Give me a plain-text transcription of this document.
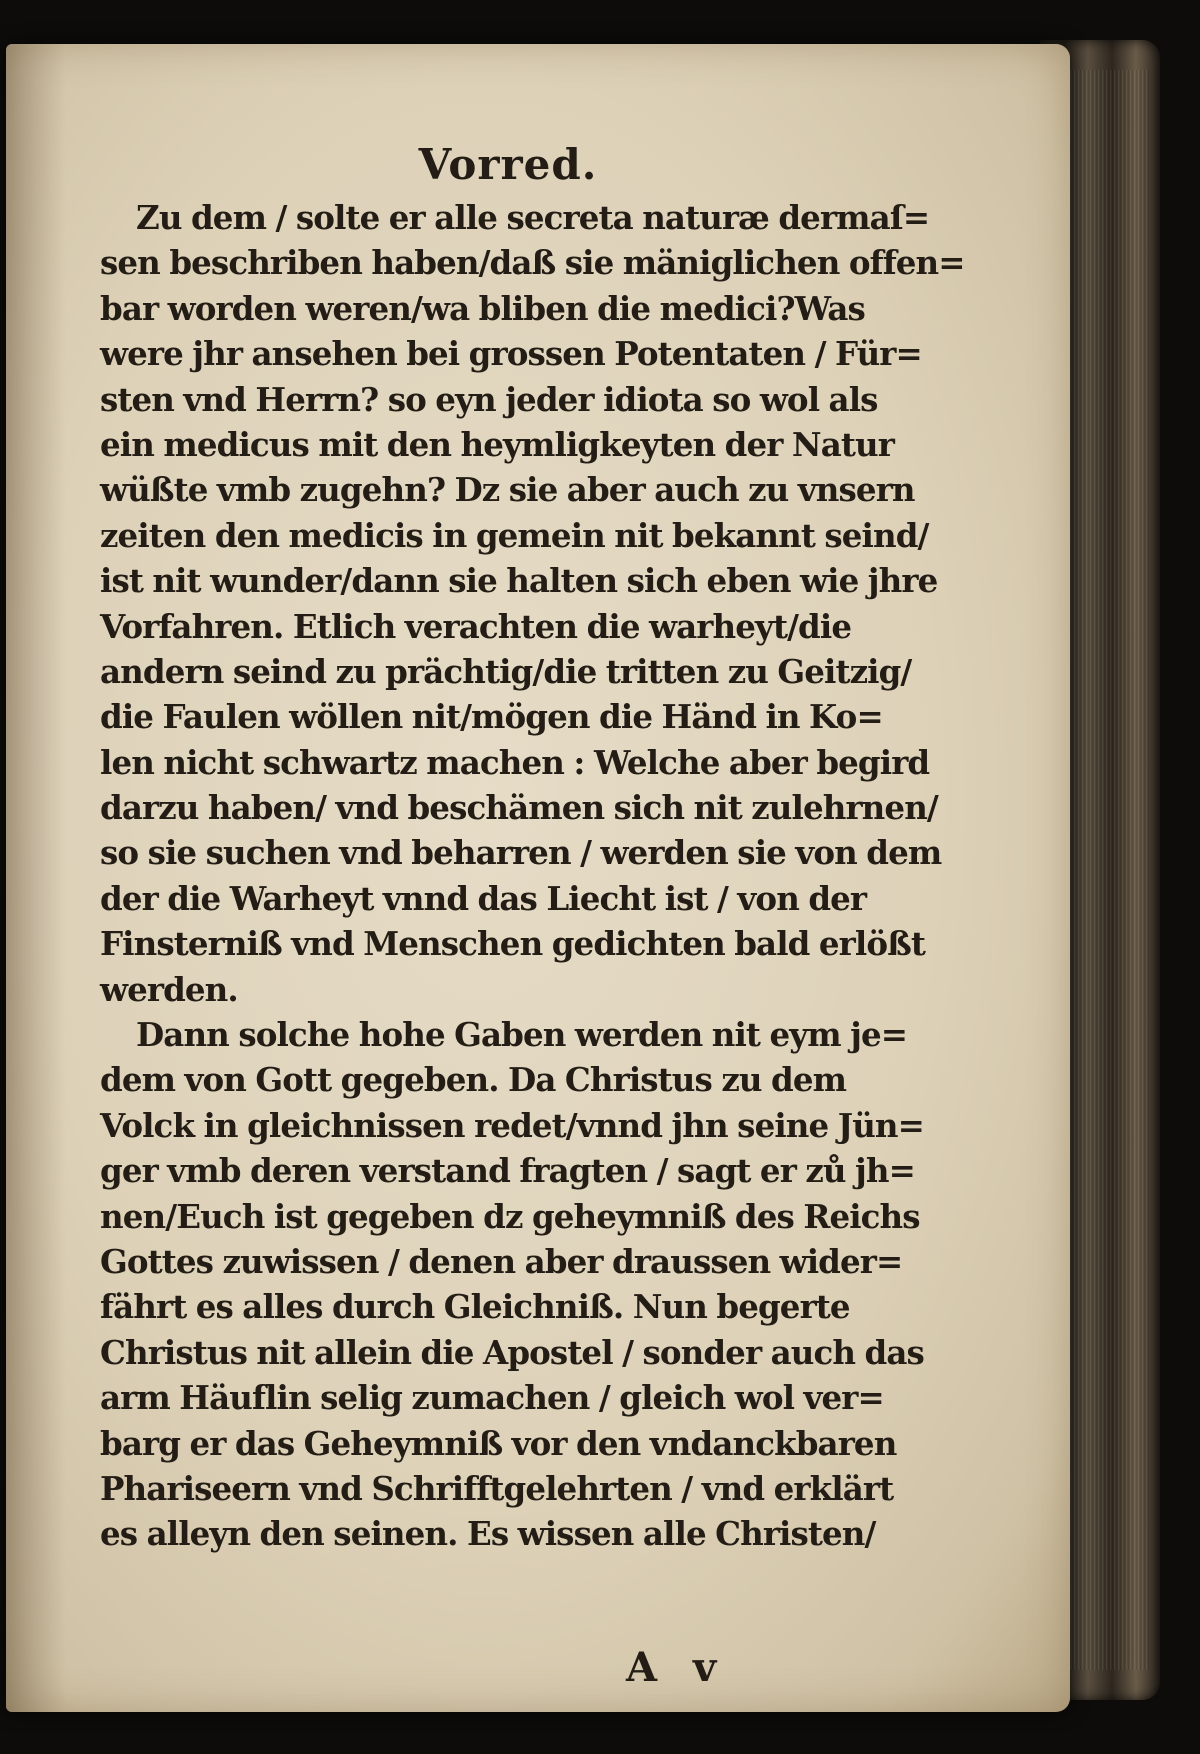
Vorred.
Zu dem / solte er alle secreta naturæ dermaſ=
sen beschriben haben/daß sie mäniglichen offen=
bar worden weren/wa bliben die medici?Was
were jhr ansehen bei grossen Potentaten / Für=
sten vnd Herrn? so eyn jeder idiota so wol als
ein medicus mit den heymligkeyten der Natur
wüßte vmb zugehn? Dz sie aber auch zu vnsern
zeiten den medicis in gemein nit bekannt seind/
ist nit wunder/dann sie halten sich eben wie jhre
Vorfahren. Etlich verachten die warheyt/die
andern seind zu prächtig/die tritten zu Geitzig/
die Faulen wöllen nit/mögen die Händ in Ko=
len nicht schwartz machen : Welche aber begird
darzu haben/ vnd beschämen sich nit zulehrnen/
so sie suchen vnd beharren / werden sie von dem
der die Warheyt vnnd das Liecht ist / von der
Finsterniß vnd Menschen gedichten bald erlößt
werden.
Dann solche hohe Gaben werden nit eym je=
dem von Gott gegeben. Da Christus zu dem
Volck in gleichnissen redet/vnnd jhn seine Jün=
ger vmb deren verstand fragten / sagt er zů jh=
nen/Euch ist gegeben dz geheymniß des Reichs
Gottes zuwissen / denen aber draussen wider=
fährt es alles durch Gleichniß. Nun begerte
Christus nit allein die Apostel / sonder auch das
arm Häuflin selig zumachen / gleich wol ver=
barg er das Geheymniß vor den vndanckbaren
Phariseern vnd Schrifftgelehrten / vnd erklärt
es alleyn den seinen. Es wissen alle Christen/
A v
